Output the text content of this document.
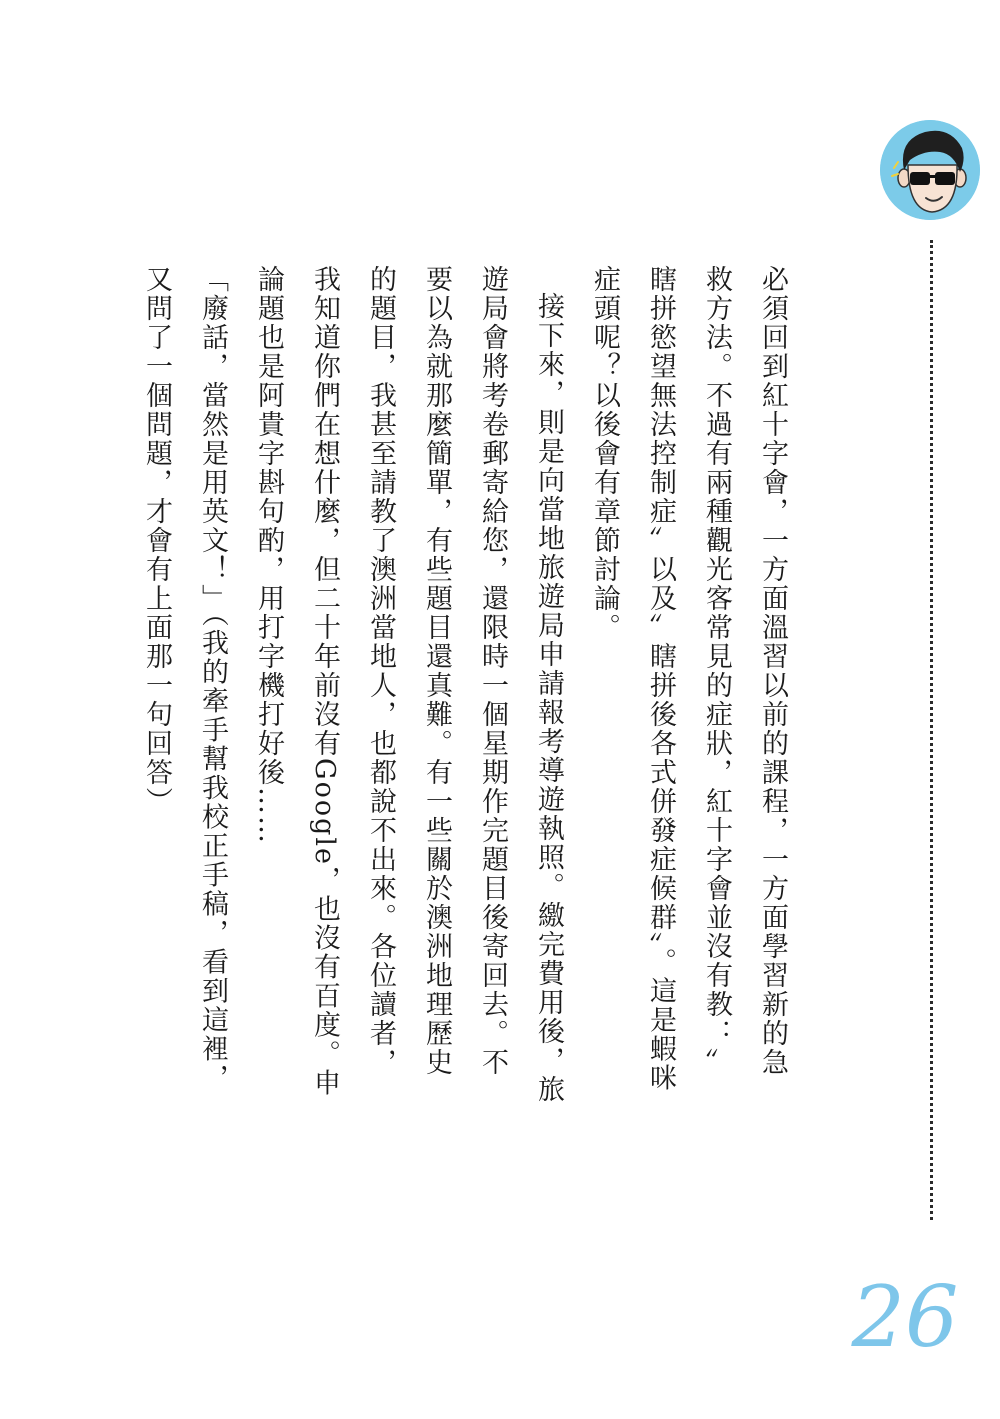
必須回到紅十字會，一方面溫習以前的課程，一方面學習新的急救方法。不過有兩種觀光客常見的症狀，紅十字會並沒有教：〞瞎拼慾望無法控制症〞以及〞瞎拼後各式併發症候群〞。這是蝦咪症頭呢？以後會有章節討論。

接下來，則是向當地旅遊局申請報考導遊執照。繳完費用後，旅遊局會將考卷郵寄給您，還限時一個星期作完題目後寄回去。不要以為就那麼簡單，有些題目還真難。有一些關於澳洲地理歷史的題目，我甚至請教了澳洲當地人，也都說不出來。各位讀者，我知道你們在想什麼，但二十年前沒有Google，也沒有百度。申論題也是阿貴字斟句酌，用打字機打好後……

「廢話，當然是用英文！」（我的牽手幫我校正手稿，看到這裡，又問了一個問題，才會有上面那一句回答）

26
